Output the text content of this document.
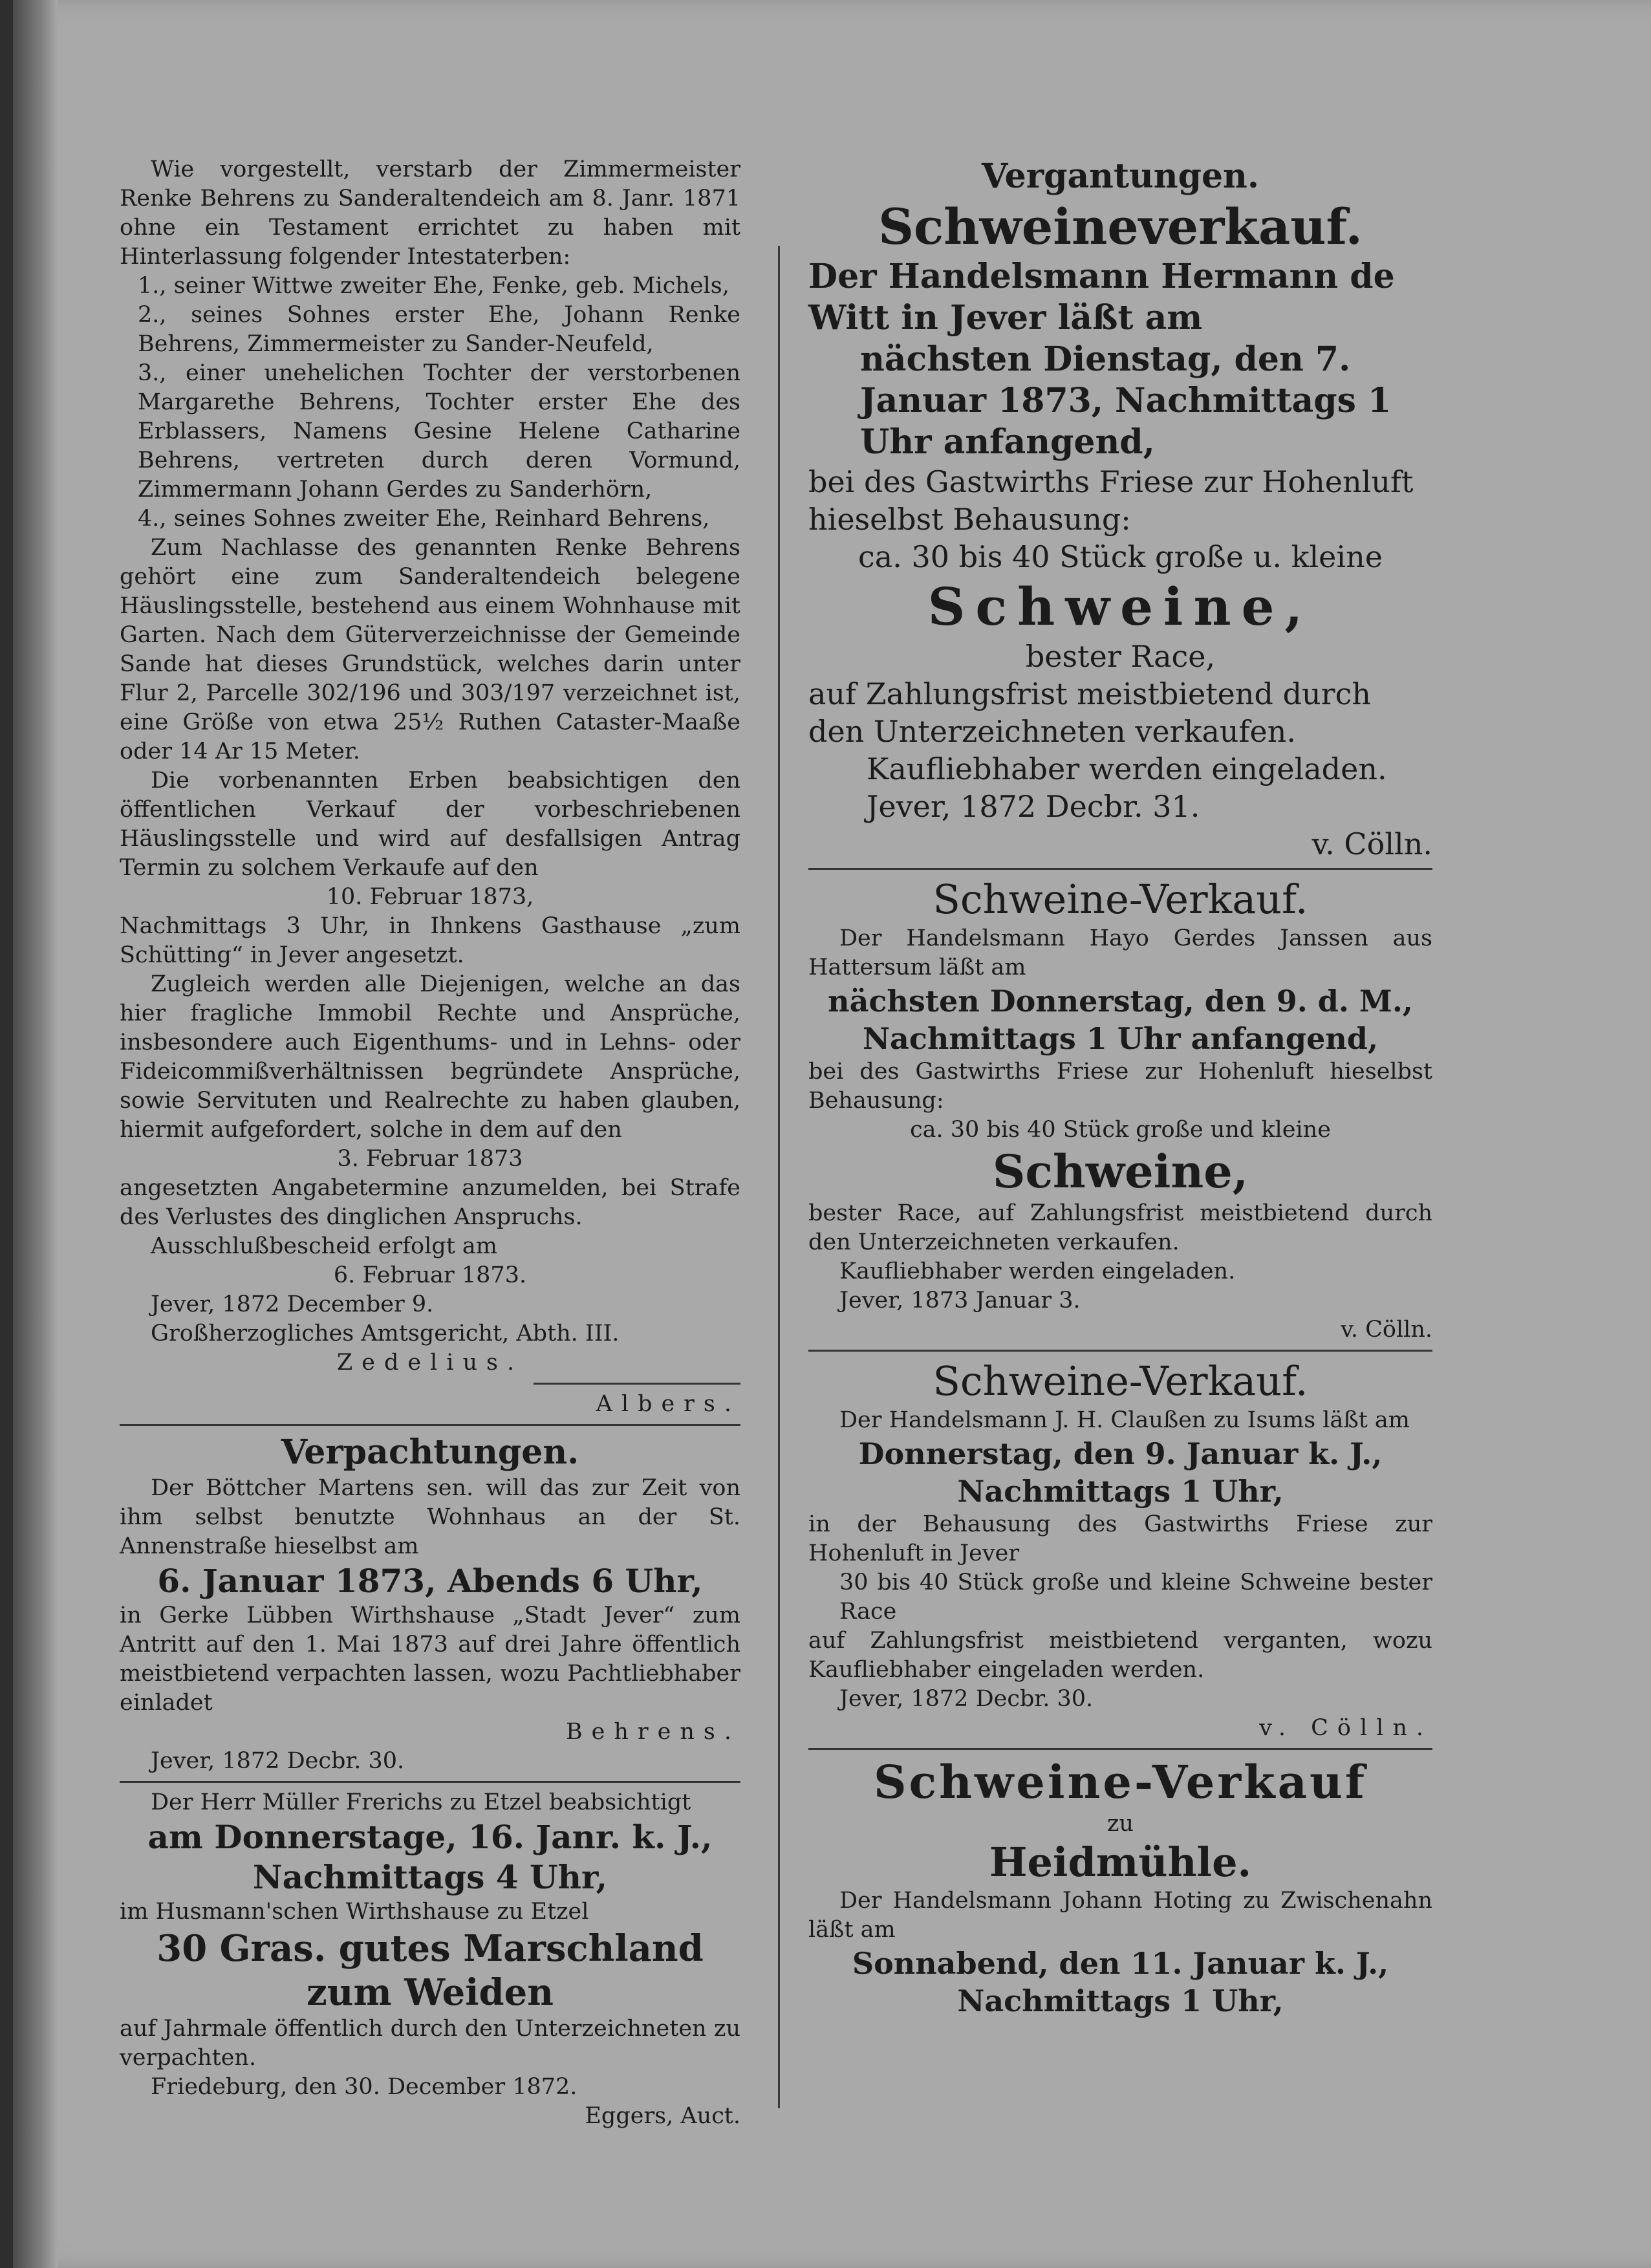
Wie vorgestellt, verstarb der Zimmermeister Renke Behrens zu Sanderaltendeich am 8. Janr. 1871 ohne ein Testament errichtet zu haben mit Hinterlassung folgender Intestaterben:

1., seiner Wittwe zweiter Ehe, Fenke, geb. Michels,

2., seines Sohnes erster Ehe, Johann Renke Behrens, Zimmermeister zu Sander-Neufeld,

3., einer unehelichen Tochter der verstorbenen Margarethe Behrens, Tochter erster Ehe des Erblassers, Namens Gesine Helene Catharine Behrens, vertreten durch deren Vormund, Zimmermann Johann Gerdes zu Sanderhörn,

4., seines Sohnes zweiter Ehe, Reinhard Behrens,

Zum Nachlasse des genannten Renke Behrens gehört eine zum Sanderaltendeich belegene Häuslingsstelle, bestehend aus einem Wohnhause mit Garten. Nach dem Güterverzeichnisse der Gemeinde Sande hat dieses Grundstück, welches darin unter Flur 2, Parcelle 302/196 und 303/197 verzeichnet ist, eine Größe von etwa 25½ Ruthen Cataster-Maaße oder 14 Ar 15 Meter.

Die vorbenannten Erben beabsichtigen den öffentlichen Verkauf der vorbeschriebenen Häuslingsstelle und wird auf desfallsigen Antrag Termin zu solchem Verkaufe auf den

10. Februar 1873,

Nachmittags 3 Uhr, in Ihnkens Gasthause „zum Schütting“ in Jever angesetzt.

Zugleich werden alle Diejenigen, welche an das hier fragliche Immobil Rechte und Ansprüche, insbesondere auch Eigenthums- und in Lehns- oder Fideicommißverhältnissen begründete Ansprüche, sowie Servituten und Realrechte zu haben glauben, hiermit aufgefordert, solche in dem auf den

3. Februar 1873

angesetzten Angabetermine anzumelden, bei Strafe des Verlustes des dinglichen Anspruchs.

Ausschlußbescheid erfolgt am

6. Februar 1873.

Jever, 1872 December 9.

Großherzogliches Amtsgericht, Abth. III.

Zedelius.

Albers.

Verpachtungen.

Der Böttcher Martens sen. will das zur Zeit von ihm selbst benutzte Wohnhaus an der St. Annenstraße hieselbst am

6. Januar 1873, Abends 6 Uhr,

in Gerke Lübben Wirthshause „Stadt Jever“ zum Antritt auf den 1. Mai 1873 auf drei Jahre öffentlich meistbietend verpachten lassen, wozu Pachtliebhaber einladet

Behrens.

Jever, 1872 Decbr. 30.

Der Herr Müller Frerichs zu Etzel beabsichtigt

am Donnerstage, 16. Janr. k. J.,

Nachmittags 4 Uhr,

im Husmann'schen Wirthshause zu Etzel

30 Gras. gutes Marschland zum Weiden

auf Jahrmale öffentlich durch den Unterzeichneten zu verpachten.

Friedeburg, den 30. December 1872.

Eggers, Auct.

Vergantungen.

Schweineverkauf.

Der Handelsmann Hermann de Witt in Jever läßt am

nächsten Dienstag, den 7. Januar 1873, Nachmittags 1 Uhr anfangend,

bei des Gastwirths Friese zur Hohenluft hieselbst Behausung:

ca. 30 bis 40 Stück große u. kleine

Schweine,

bester Race,

auf Zahlungsfrist meistbietend durch den Unterzeichneten verkaufen.

Kaufliebhaber werden eingeladen.

Jever, 1872 Decbr. 31.

v. Cölln.

Schweine-Verkauf.

Der Handelsmann Hayo Gerdes Janssen aus Hattersum läßt am

nächsten Donnerstag, den 9. d. M., Nachmittags 1 Uhr anfangend,

bei des Gastwirths Friese zur Hohenluft hieselbst Behausung:

ca. 30 bis 40 Stück große und kleine

Schweine,

bester Race, auf Zahlungsfrist meistbietend durch den Unterzeichneten verkaufen.

Kaufliebhaber werden eingeladen.

Jever, 1873 Januar 3.

v. Cölln.

Schweine-Verkauf.

Der Handelsmann J. H. Claußen zu Isums läßt am

Donnerstag, den 9. Januar k. J.,

Nachmittags 1 Uhr,

in der Behausung des Gastwirths Friese zur Hohenluft in Jever

30 bis 40 Stück große und kleine Schweine bester Race

auf Zahlungsfrist meistbietend verganten, wozu Kaufliebhaber eingeladen werden.

Jever, 1872 Decbr. 30.

v. Cölln.

Schweine-Verkauf

zu

Heidmühle.

Der Handelsmann Johann Hoting zu Zwischenahn läßt am

Sonnabend, den 11. Januar k. J.,

Nachmittags 1 Uhr,
